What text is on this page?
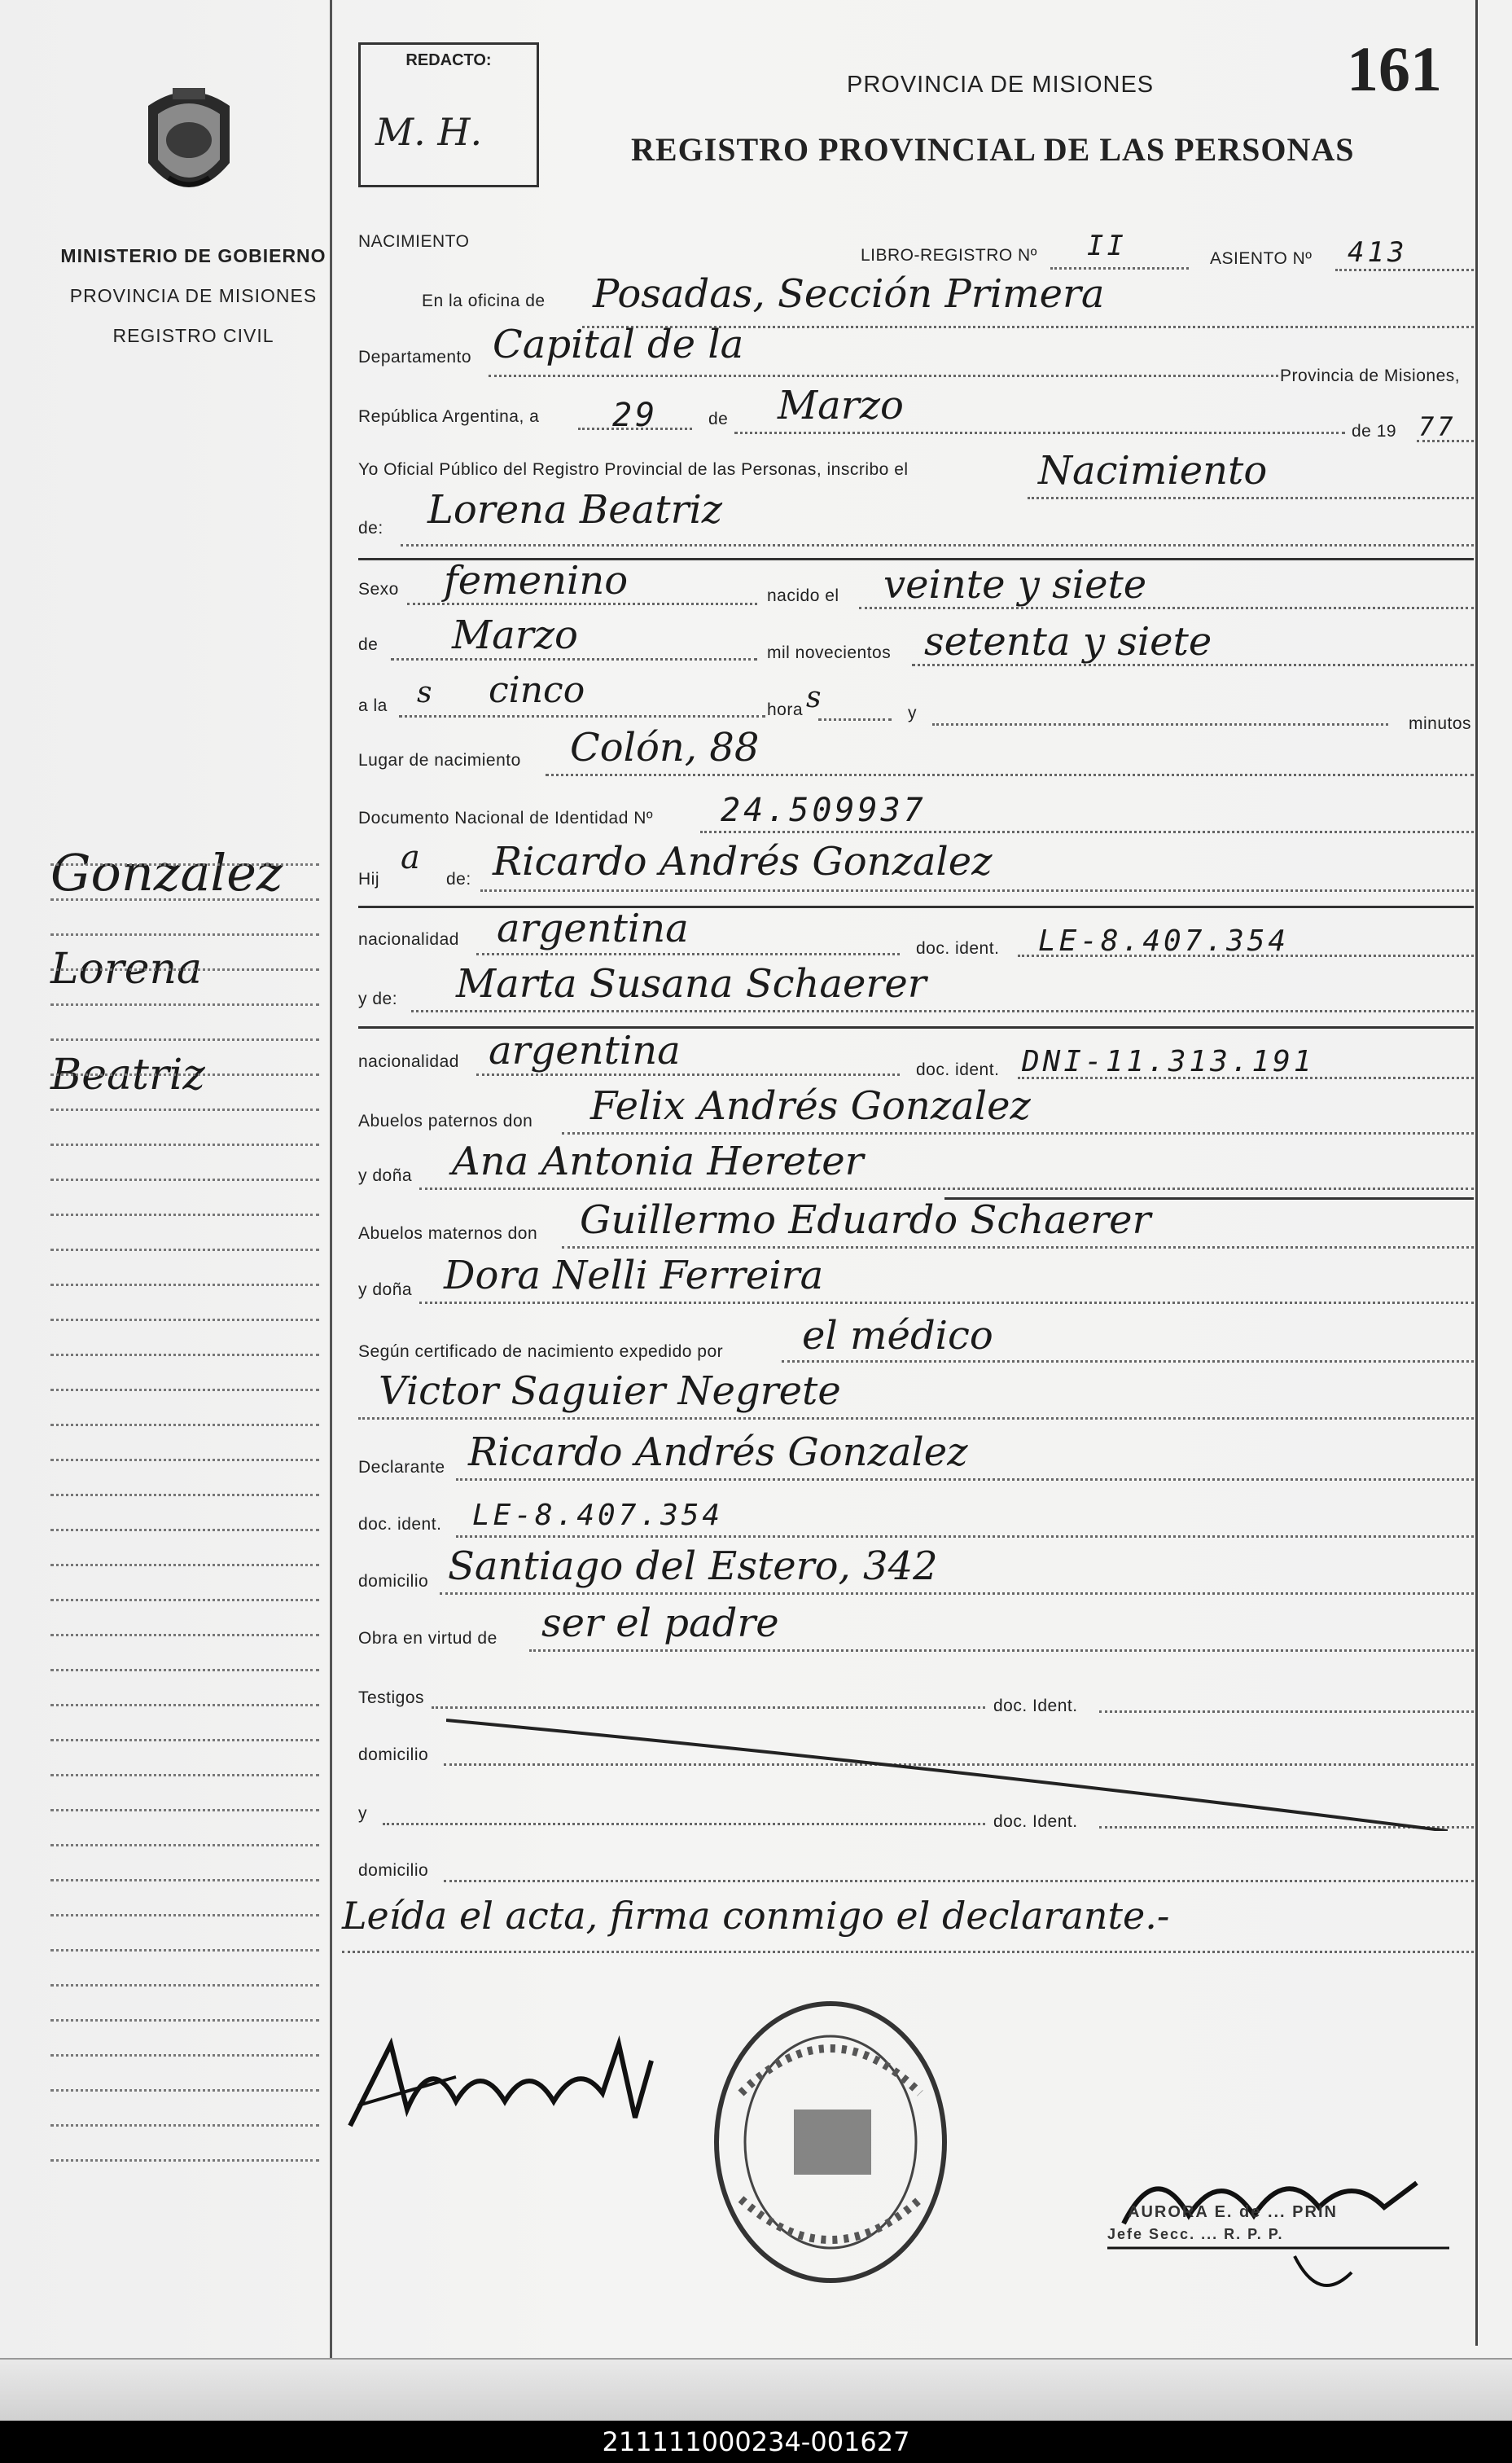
MINISTERIO DE GOBIERNO
PROVINCIA DE MISIONES
REGISTRO CIVIL
Gonzalez
Lorena
Beatriz
REDACTO:
M. H.
PROVINCIA DE MISIONES
REGISTRO PROVINCIAL DE LAS PERSONAS
161
NACIMIENTO
LIBRO-REGISTRO Nº II	ASIENTO Nº 413
En la oficina de Posadas, Sección Primera
Departamento Capital de la
Provincia de Misiones,
República Argentina, a 29	de Marzo
de 19 77
Yo Oficial Público del Registro Provincial de las Personas, inscribo el	Nacimiento
de: Lorena Beatriz
Sexo femenino	nacido el veinte y siete
de Marzo	mil novecientos setenta y siete
a la s cinco	hora s	y
minutos
Lugar de nacimiento Colón, 88
Documento Nacional de Identidad Nº 24.509937
Hij
a
de: Ricardo Andrés Gonzalez
nacionalidad argentina	doc. ident. LE-8.407.354
y de: Marta Susana Schaerer
nacionalidad argentina	doc. ident. DNI-11.313.191
Abuelos paternos don Felix Andrés Gonzalez
y doña Ana Antonia Hereter
Abuelos maternos don Guillermo Eduardo Schaerer
y doña Dora Nelli Ferreira
Según certificado de nacimiento expedido por el médico
Victor Saguier Negrete
Declarante Ricardo Andrés Gonzalez
doc. ident. LE-8.407.354
domicilio Santiago del Estero, 342
Obra en virtud de ser el padre
Testigos	doc. Ident.
domicilio
y	doc. Ident.
domicilio
Leída el acta, firma conmigo el declarante.-
AURORA E. de ... PRIN
Jefe Secc. ... R. P. P.
211111000234-001627
